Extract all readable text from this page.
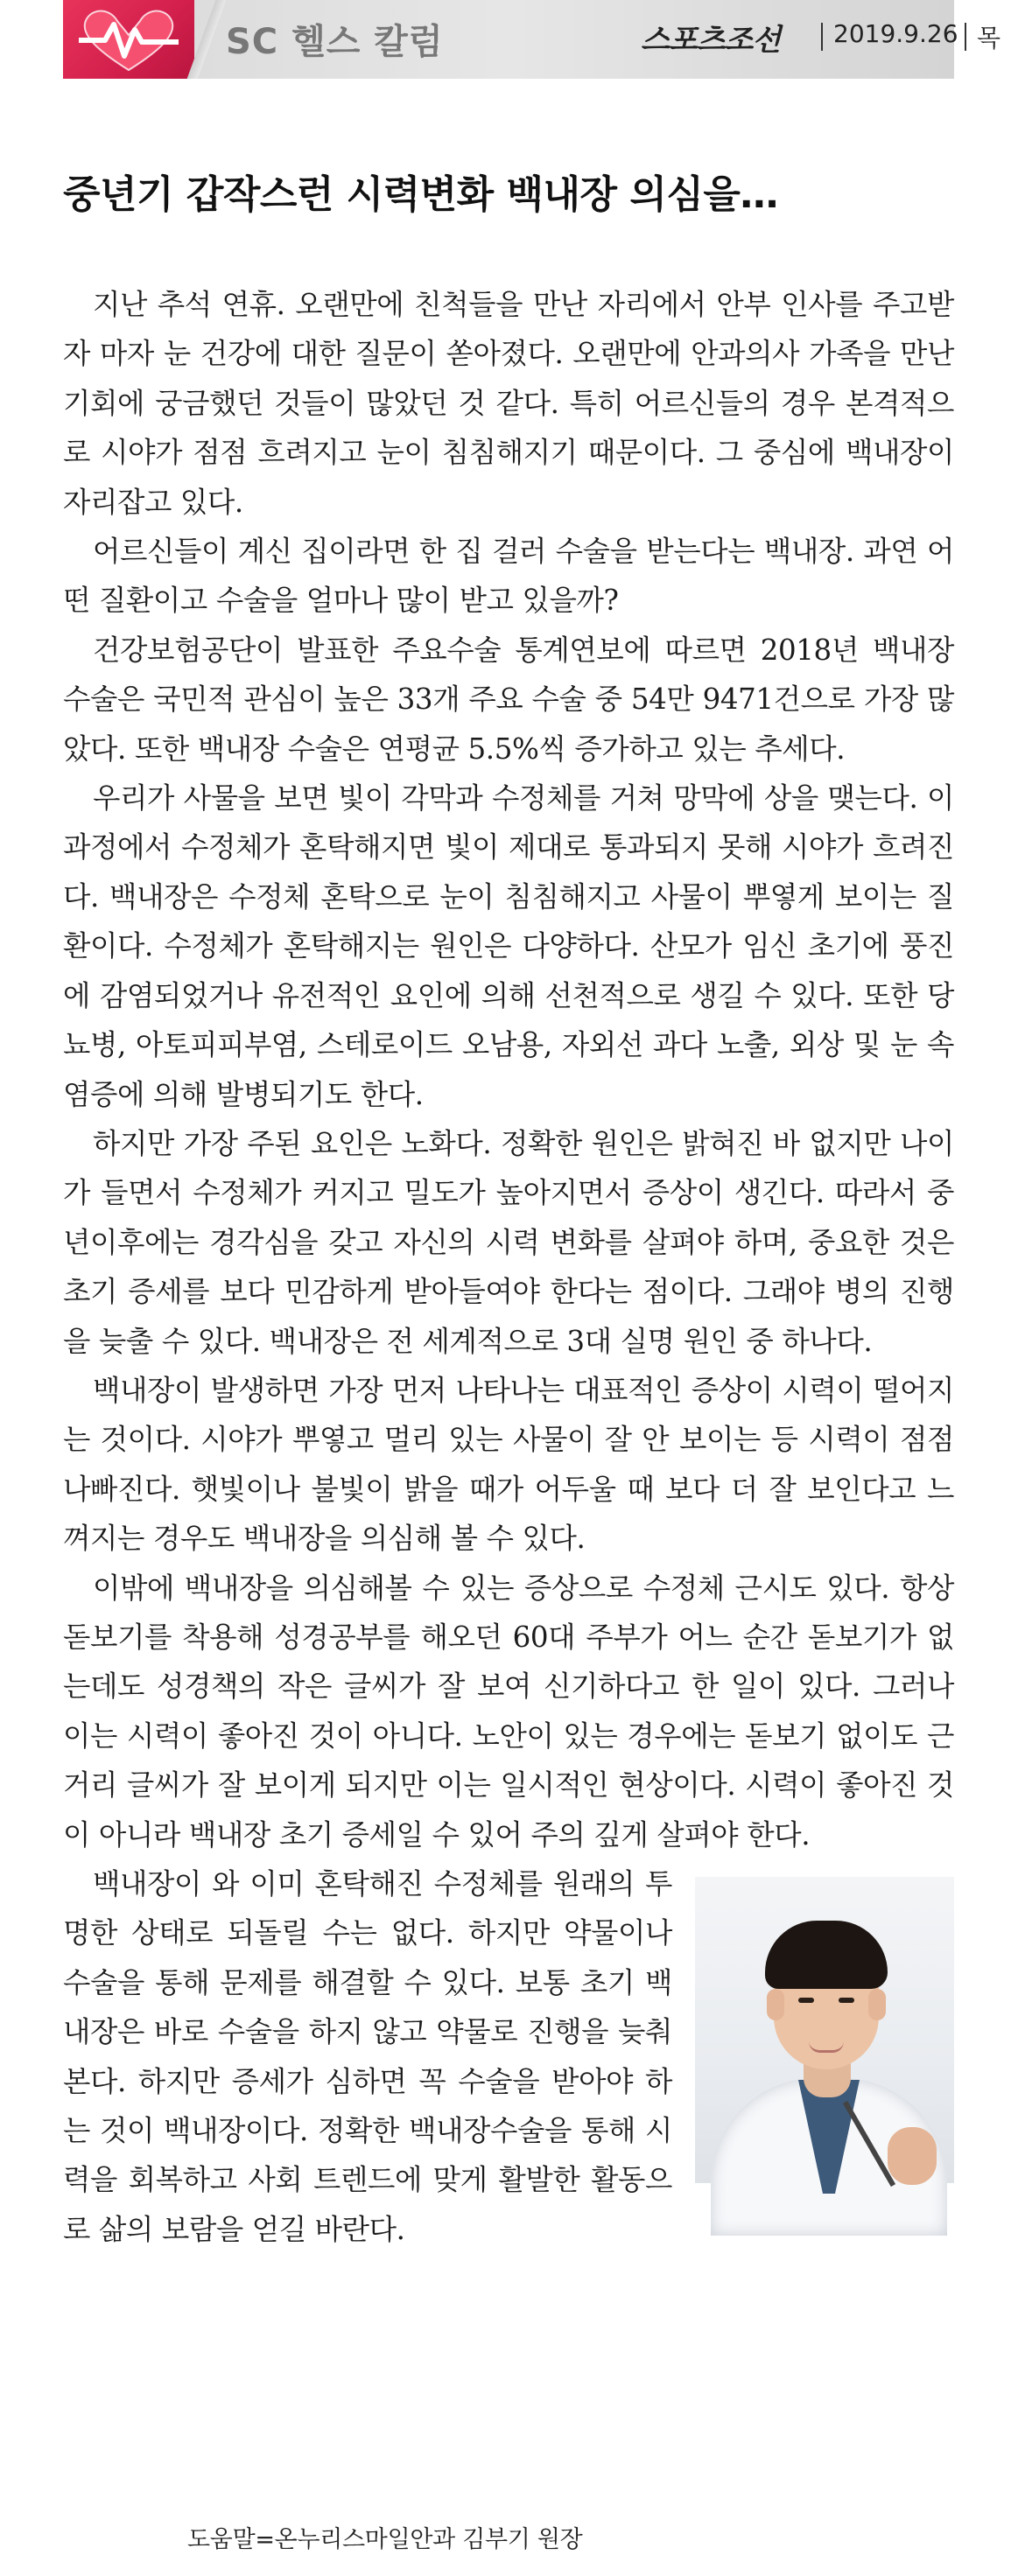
SC 헬스 칼럼	스포츠조선 2019.9.26 목
중년기 갑작스런 시력변화 백내장 의심을…

지난 추석 연휴. 오랜만에 친척들을 만난 자리에서 안부 인사를 주고받자 마자 눈 건강에 대한 질문이 쏟아졌다. 오랜만에 안과의사 가족을 만난 기회에 궁금했던 것들이 많았던 것 같다. 특히 어르신들의 경우 본격적으로 시야가 점점 흐려지고 눈이 침침해지기 때문이다. 그 중심에 백내장이 자리잡고 있다.

어르신들이 계신 집이라면 한 집 걸러 수술을 받는다는 백내장. 과연 어떤 질환이고 수술을 얼마나 많이 받고 있을까?

건강보험공단이 발표한 주요수술 통계연보에 따르면 2018년 백내장 수술은 국민적 관심이 높은 33개 주요 수술 중 54만 9471건으로 가장 많았다. 또한 백내장 수술은 연평균 5.5%씩 증가하고 있는 추세다.

우리가 사물을 보면 빛이 각막과 수정체를 거쳐 망막에 상을 맺는다. 이 과정에서 수정체가 혼탁해지면 빛이 제대로 통과되지 못해 시야가 흐려진다. 백내장은 수정체 혼탁으로 눈이 침침해지고 사물이 뿌옇게 보이는 질환이다. 수정체가 혼탁해지는 원인은 다양하다. 산모가 임신 초기에 풍진에 감염되었거나 유전적인 요인에 의해 선천적으로 생길 수 있다. 또한 당뇨병, 아토피피부염, 스테로이드 오남용, 자외선 과다 노출, 외상 및 눈 속 염증에 의해 발병되기도 한다.

하지만 가장 주된 요인은 노화다. 정확한 원인은 밝혀진 바 없지만 나이가 들면서 수정체가 커지고 밀도가 높아지면서 증상이 생긴다. 따라서 중년이후에는 경각심을 갖고 자신의 시력 변화를 살펴야 하며, 중요한 것은 초기 증세를 보다 민감하게 받아들여야 한다는 점이다. 그래야 병의 진행을 늦출 수 있다. 백내장은 전 세계적으로 3대 실명 원인 중 하나다.

백내장이 발생하면 가장 먼저 나타나는 대표적인 증상이 시력이 떨어지는 것이다. 시야가 뿌옇고 멀리 있는 사물이 잘 안 보이는 등 시력이 점점 나빠진다. 햇빛이나 불빛이 밝을 때가 어두울 때 보다 더 잘 보인다고 느껴지는 경우도 백내장을 의심해 볼 수 있다.

이밖에 백내장을 의심해볼 수 있는 증상으로 수정체 근시도 있다. 항상 돋보기를 착용해 성경공부를 해오던 60대 주부가 어느 순간 돋보기가 없는데도 성경책의 작은 글씨가 잘 보여 신기하다고 한 일이 있다. 그러나 이는 시력이 좋아진 것이 아니다. 노안이 있는 경우에는 돋보기 없이도 근거리 글씨가 잘 보이게 되지만 이는 일시적인 현상이다. 시력이 좋아진 것이 아니라 백내장 초기 증세일 수 있어 주의 깊게 살펴야 한다.

백내장이 와 이미 혼탁해진 수정체를 원래의 투명한 상태로 되돌릴 수는 없다. 하지만 약물이나 수술을 통해 문제를 해결할 수 있다. 보통 초기 백내장은 바로 수술을 하지 않고 약물로 진행을 늦춰본다. 하지만 증세가 심하면 꼭 수술을 받아야 하는 것이 백내장이다. 정확한 백내장수술을 통해 시력을 회복하고 사회 트렌드에 맞게 활발한 활동으로 삶의 보람을 얻길 바란다.

도움말=온누리스마일안과 김부기 원장
